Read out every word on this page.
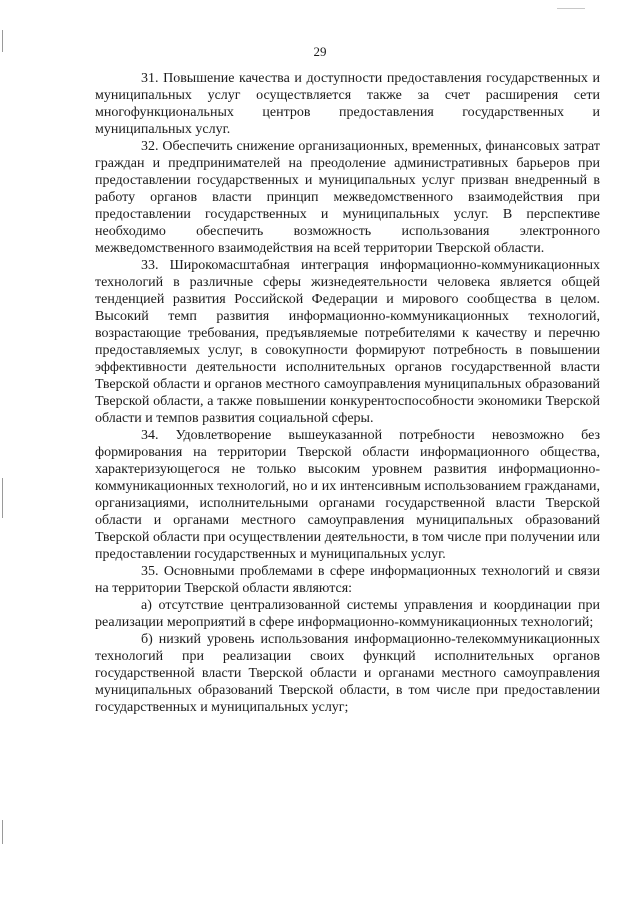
29

31. Повышение качества и доступности предоставления государственных и муниципальных услуг осуществляется также за счет расширения сети многофункциональных центров предоставления государственных и муниципальных услуг.

32. Обеспечить снижение организационных, временных, финансовых затрат граждан и предпринимателей на преодоление административных барьеров при предоставлении государственных и муниципальных услуг призван внедренный в работу органов власти принцип межведомственного взаимодействия при предоставлении государственных и муниципальных услуг. В перспективе необходимо обеспечить возможность использования электронного межведомственного взаимодействия на всей территории Тверской области.

33. Широкомасштабная интеграция информационно-коммуникационных технологий в различные сферы жизнедеятельности человека является общей тенденцией развития Российской Федерации и мирового сообщества в целом. Высокий темп развития информационно-коммуникационных технологий, возрастающие требования, предъявляемые потребителями к качеству и перечню предоставляемых услуг, в совокупности формируют потребность в повышении эффективности деятельности исполнительных органов государственной власти Тверской области и органов местного самоуправления муниципальных образований Тверской области, а также повышении конкурентоспособности экономики Тверской области и темпов развития социальной сферы.

34. Удовлетворение вышеуказанной потребности невозможно без формирования на территории Тверской области информационного общества, характеризующегося не только высоким уровнем развития информационно-коммуникационных технологий, но и их интенсивным использованием гражданами, организациями, исполнительными органами государственной власти Тверской области и органами местного самоуправления муниципальных образований Тверской области при осуществлении деятельности, в том числе при получении или предоставлении государственных и муниципальных услуг.

35. Основными проблемами в сфере информационных технологий и связи на территории Тверской области являются:

а) отсутствие централизованной системы управления и координации при реализации мероприятий в сфере информационно-коммуникационных технологий;

б) низкий уровень использования информационно-телекоммуникационных технологий при реализации своих функций исполнительных органов государственной власти Тверской области и органами местного самоуправления муниципальных образований Тверской области, в том числе при предоставлении государственных и муниципальных услуг;
